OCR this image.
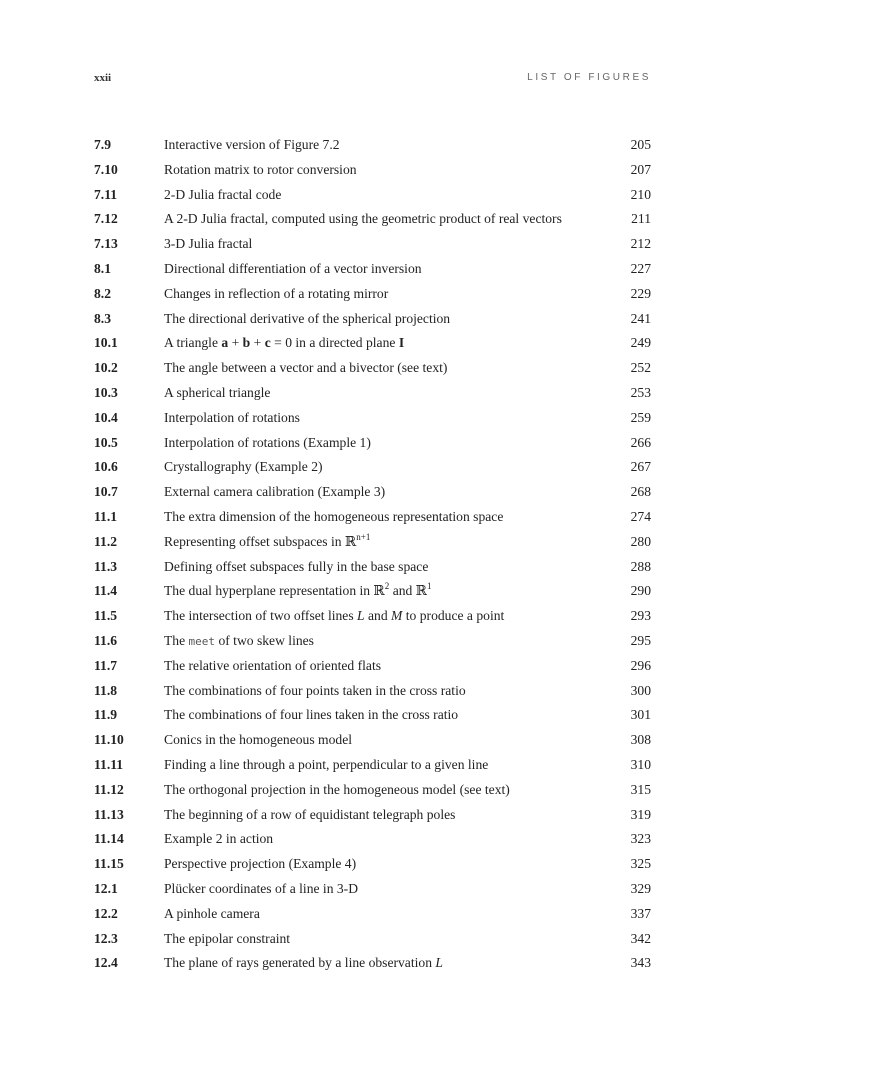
xxii	LIST OF FIGURES
7.9	Interactive version of Figure 7.2	205
7.10	Rotation matrix to rotor conversion	207
7.11	2-D Julia fractal code	210
7.12	A 2-D Julia fractal, computed using the geometric product of real vectors	211
7.13	3-D Julia fractal	212
8.1	Directional differentiation of a vector inversion	227
8.2	Changes in reflection of a rotating mirror	229
8.3	The directional derivative of the spherical projection	241
10.1	A triangle a + b + c = 0 in a directed plane I	249
10.2	The angle between a vector and a bivector (see text)	252
10.3	A spherical triangle	253
10.4	Interpolation of rotations	259
10.5	Interpolation of rotations (Example 1)	266
10.6	Crystallography (Example 2)	267
10.7	External camera calibration (Example 3)	268
11.1	The extra dimension of the homogeneous representation space	274
11.2	Representing offset subspaces in ℝ$^{n+1}$	280
11.3	Defining offset subspaces fully in the base space	288
11.4	The dual hyperplane representation in ℝ$^2$ and ℝ$^1$	290
11.5	The intersection of two offset lines L and M to produce a point	293
11.6	The meet of two skew lines	295
11.7	The relative orientation of oriented flats	296
11.8	The combinations of four points taken in the cross ratio	300
11.9	The combinations of four lines taken in the cross ratio	301
11.10	Conics in the homogeneous model	308
11.11	Finding a line through a point, perpendicular to a given line	310
11.12	The orthogonal projection in the homogeneous model (see text)	315
11.13	The beginning of a row of equidistant telegraph poles	319
11.14	Example 2 in action	323
11.15	Perspective projection (Example 4)	325
12.1	Plücker coordinates of a line in 3-D	329
12.2	A pinhole camera	337
12.3	The epipolar constraint	342
12.4	The plane of rays generated by a line observation L	343
